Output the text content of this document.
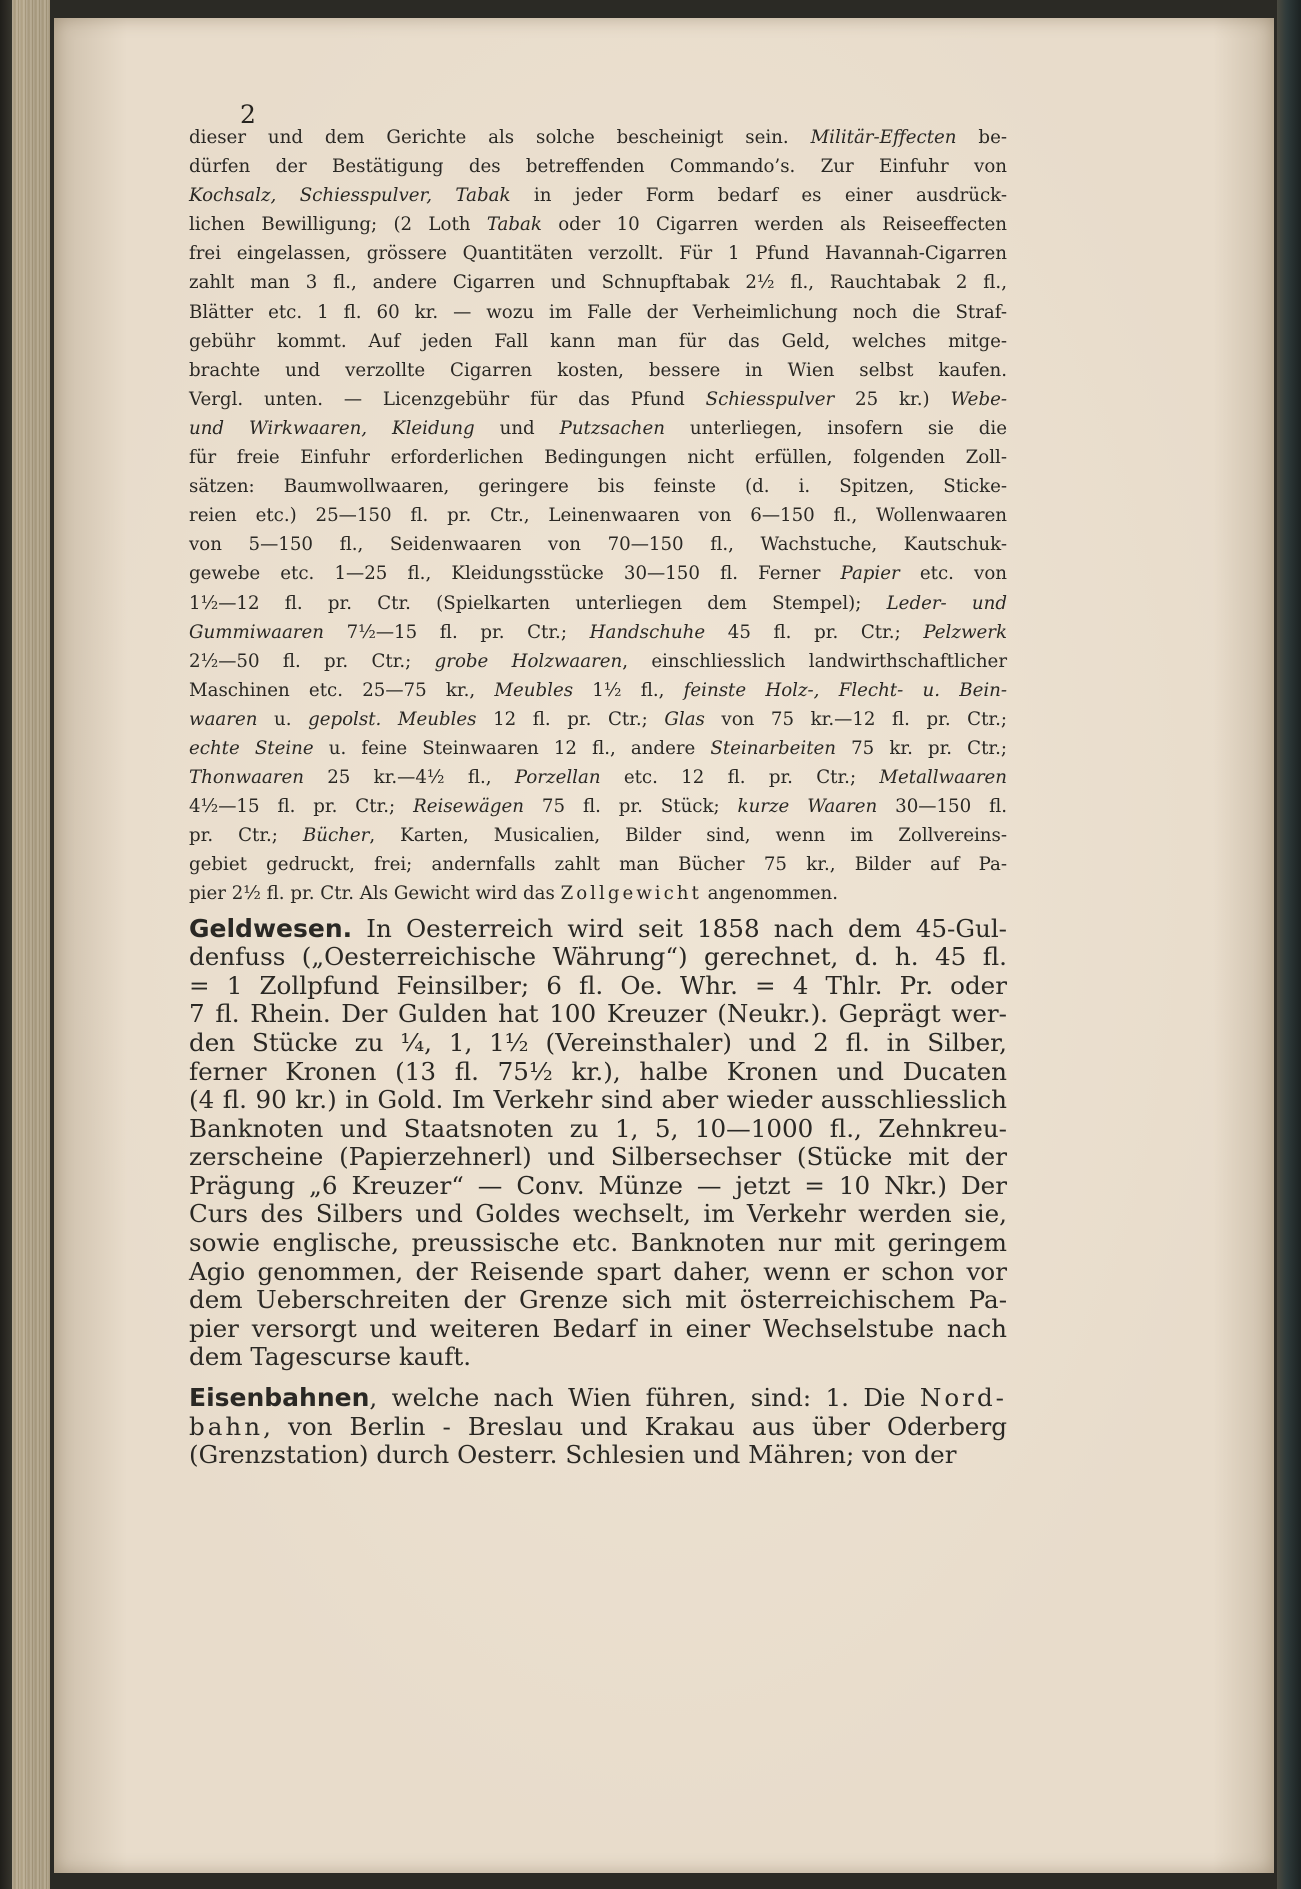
2
dieser und dem Gerichte als solche bescheinigt sein. Militär-Effecten be-
dürfen der Bestätigung des betreffenden Commando’s. Zur Einfuhr von
Kochsalz, Schiesspulver, Tabak in jeder Form bedarf es einer ausdrück-
lichen Bewilligung; (2 Loth Tabak oder 10 Cigarren werden als Reiseeffecten
frei eingelassen, grössere Quantitäten verzollt. Für 1 Pfund Havannah-Cigarren
zahlt man 3 fl., andere Cigarren und Schnupftabak 2½ fl., Rauchtabak 2 fl.,
Blätter etc. 1 fl. 60 kr. — wozu im Falle der Verheimlichung noch die Straf-
gebühr kommt. Auf jeden Fall kann man für das Geld, welches mitge-
brachte und verzollte Cigarren kosten, bessere in Wien selbst kaufen.
Vergl. unten. — Licenzgebühr für das Pfund Schiesspulver 25 kr.) Webe-
und Wirkwaaren, Kleidung und Putzsachen unterliegen, insofern sie die
für freie Einfuhr erforderlichen Bedingungen nicht erfüllen, folgenden Zoll-
sätzen: Baumwollwaaren, geringere bis feinste (d. i. Spitzen, Sticke-
reien etc.) 25—150 fl. pr. Ctr., Leinenwaaren von 6—150 fl., Wollenwaaren
von 5—150 fl., Seidenwaaren von 70—150 fl., Wachstuche, Kautschuk-
gewebe etc. 1—25 fl., Kleidungsstücke 30—150 fl. Ferner Papier etc. von
1½—12 fl. pr. Ctr. (Spielkarten unterliegen dem Stempel); Leder- und
Gummiwaaren 7½—15 fl. pr. Ctr.; Handschuhe 45 fl. pr. Ctr.; Pelzwerk
2½—50 fl. pr. Ctr.; grobe Holzwaaren, einschliesslich landwirthschaftlicher
Maschinen etc. 25—75 kr., Meubles 1½ fl., feinste Holz-, Flecht- u. Bein-
waaren u. gepolst. Meubles 12 fl. pr. Ctr.; Glas von 75 kr.—12 fl. pr. Ctr.;
echte Steine u. feine Steinwaaren 12 fl., andere Steinarbeiten 75 kr. pr. Ctr.;
Thonwaaren 25 kr.—4½ fl., Porzellan etc. 12 fl. pr. Ctr.; Metallwaaren
4½—15 fl. pr. Ctr.; Reisewägen 75 fl. pr. Stück; kurze Waaren 30—150 fl.
pr. Ctr.; Bücher, Karten, Musicalien, Bilder sind, wenn im Zollvereins-
gebiet gedruckt, frei; andernfalls zahlt man Bücher 75 kr., Bilder auf Pa-
pier 2½ fl. pr. Ctr. Als Gewicht wird das Zollgewicht angenommen.
Geldwesen. In Oesterreich wird seit 1858 nach dem 45-Gul-
denfuss („Oesterreichische Währung“) gerechnet, d. h. 45 fl.
= 1 Zollpfund Feinsilber; 6 fl. Oe. Whr. = 4 Thlr. Pr. oder
7 fl. Rhein. Der Gulden hat 100 Kreuzer (Neukr.). Geprägt wer-
den Stücke zu ¼, 1, 1½ (Vereinsthaler) und 2 fl. in Silber,
ferner Kronen (13 fl. 75½ kr.), halbe Kronen und Ducaten
(4 fl. 90 kr.) in Gold. Im Verkehr sind aber wieder ausschliesslich
Banknoten und Staatsnoten zu 1, 5, 10—1000 fl., Zehnkreu-
zerscheine (Papierzehnerl) und Silbersechser (Stücke mit der
Prägung „6 Kreuzer“ — Conv. Münze — jetzt = 10 Nkr.) Der
Curs des Silbers und Goldes wechselt, im Verkehr werden sie,
sowie englische, preussische etc. Banknoten nur mit geringem
Agio genommen, der Reisende spart daher, wenn er schon vor
dem Ueberschreiten der Grenze sich mit österreichischem Pa-
pier versorgt und weiteren Bedarf in einer Wechselstube nach
dem Tagescurse kauft.
Eisenbahnen, welche nach Wien führen, sind: 1. Die Nord-
bahn, von Berlin - Breslau und Krakau aus über Oderberg
(Grenzstation) durch Oesterr. Schlesien und Mähren; von der
